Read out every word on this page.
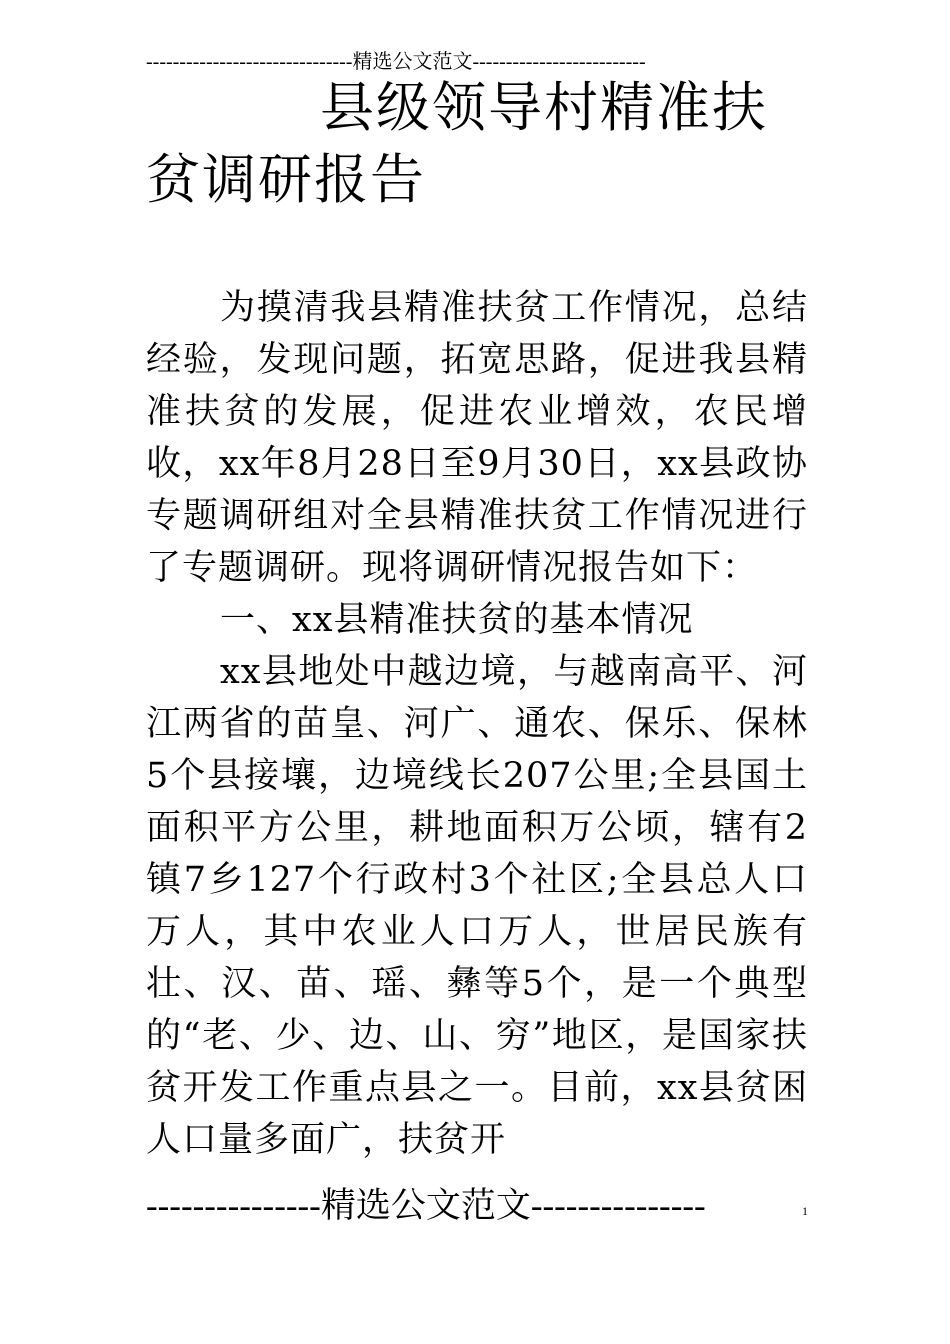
-------------------------------精选公文范文--------------------------
县级领导村精准扶
贫调研报告

为摸清我县精准扶贫工作情况，总结经验，发现问题，拓宽思路，促进我县精准扶贫的发展，促进农业增效，农民增收，xx年8月28日至9月30日，xx县政协专题调研组对全县精准扶贫工作情况进行了专题调研。现将调研情况报告如下：

一、xx县精准扶贫的基本情况

xx县地处中越边境，与越南高平、河江两省的苗皇、河广、通农、保乐、保林5个县接壤，边境线长207公里;全县国土面积平方公里，耕地面积万公顷，辖有2镇7乡127个行政村3个社区;全县总人口万人，其中农业人口万人，世居民族有壮、汉、苗、瑶、彝等5个，是一个典型的“老、少、边、山、穷”地区，是国家扶贫开发工作重点县之一。目前，xx县贫困人口量多面广，扶贫开

---------------精选公文范文---------------	1
